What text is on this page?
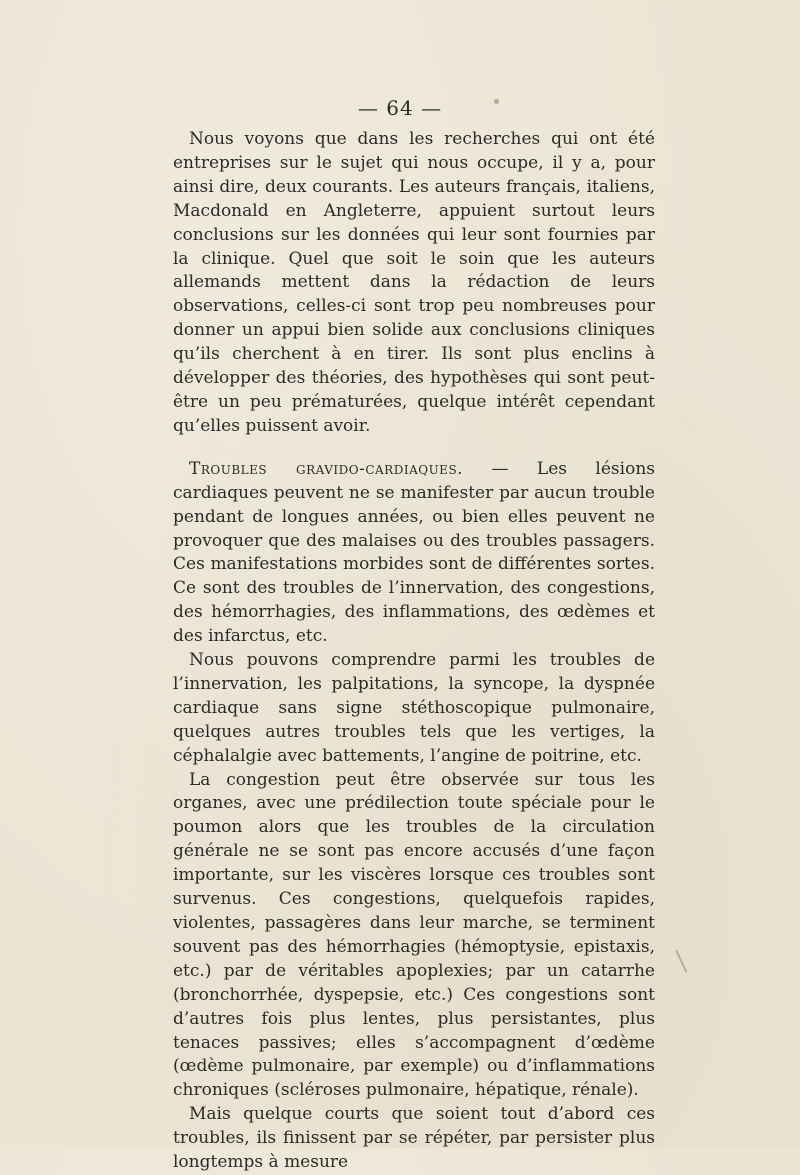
— 64 —

Nous voyons que dans les recherches qui ont été entreprises sur le sujet qui nous occupe, il y a, pour ainsi dire, deux courants. Les auteurs français, italiens, Macdonald en Angleterre, appuient surtout leurs conclusions sur les données qui leur sont fournies par la clinique. Quel que soit le soin que les auteurs allemands mettent dans la rédaction de leurs observations, celles-ci sont trop peu nombreuses pour donner un appui bien solide aux conclusions cliniques qu’ils cherchent à en tirer. Ils sont plus enclins à développer des théories, des hypothèses qui sont peut-être un peu prématurées, quelque intérêt cependant qu’elles puissent avoir.

Troubles gravido-cardiaques. — Les lésions cardiaques peuvent ne se manifester par aucun trouble pendant de longues années, ou bien elles peuvent ne provoquer que des malaises ou des troubles passagers. Ces manifestations morbides sont de différentes sortes. Ce sont des troubles de l’innervation, des congestions, des hémorrhagies, des inflammations, des œdèmes et des infarctus, etc.

Nous pouvons comprendre parmi les troubles de l’innervation, les palpitations, la syncope, la dyspnée cardiaque sans signe stéthoscopique pulmonaire, quelques autres troubles tels que les vertiges, la céphalalgie avec battements, l’angine de poitrine, etc.

La congestion peut être observée sur tous les organes, avec une prédilection toute spéciale pour le poumon alors que les troubles de la circulation générale ne se sont pas encore accusés d’une façon importante, sur les viscères lorsque ces troubles sont survenus. Ces congestions, quelquefois rapides, violentes, passagères dans leur marche, se terminent souvent pas des hémorrhagies (hémoptysie, epistaxis, etc.) par de véritables apoplexies; par un catarrhe (bronchorrhée, dyspepsie, etc.) Ces congestions sont d’autres fois plus lentes, plus persistantes, plus tenaces passives; elles s’accompagnent d’œdème (œdème pulmonaire, par exemple) ou d’inflammations chroniques (scléroses pulmonaire, hépatique, rénale).

Mais quelque courts que soient tout d’abord ces troubles, ils finissent par se répéter, par persister plus longtemps à mesure
